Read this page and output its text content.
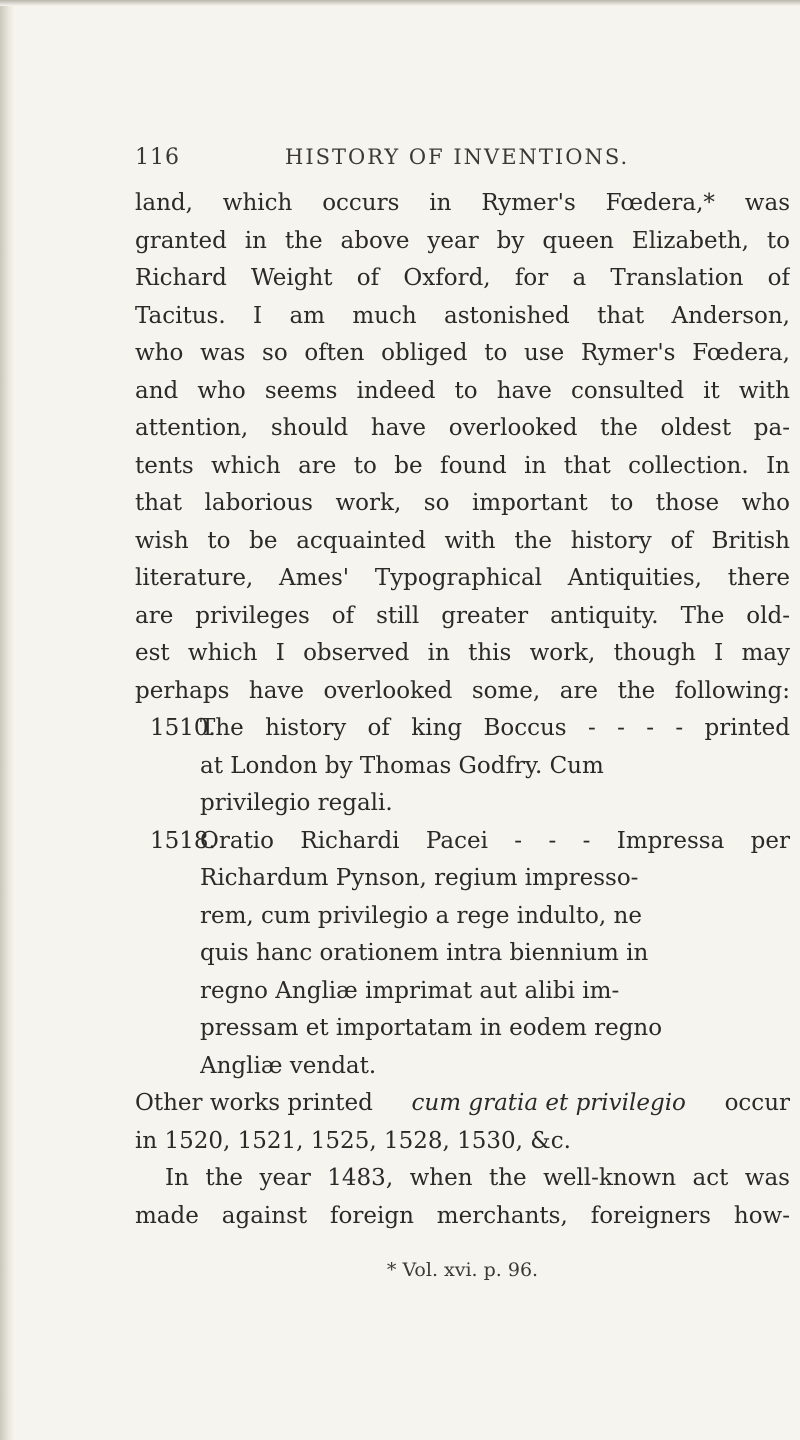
116	HISTORY OF INVENTIONS.
land, which occurs in Rymer's Fœdera,* was
granted in the above year by queen Elizabeth, to
Richard Weight of Oxford, for a Translation of
Tacitus. I am much astonished that Anderson,
who was so often obliged to use Rymer's Fœdera,
and who seems indeed to have consulted it with
attention, should have overlooked the oldest pa-
tents which are to be found in that collection. In
that laborious work, so important to those who
wish to be acquainted with the history of British
literature, Ames' Typographical Antiquities, there
are privileges of still greater antiquity. The old-
est which I observed in this work, though I may
perhaps have overlooked some, are the following:
1510.
The history of king Boccus - - - - printed
at London by Thomas Godfry. Cum
privilegio regali.
1518.
Oratio Richardi Pacei - - - Impressa per
Richardum Pynson, regium impresso-
rem, cum privilegio a rege indulto, ne
quis hanc orationem intra biennium in
regno Angliæ imprimat aut alibi im-
pressam et importatam in eodem regno
Angliæ vendat.
Other works printed cum gratia et privilegio occur
in 1520, 1521, 1525, 1528, 1530, &c.
In the year 1483, when the well-known act was
made against foreign merchants, foreigners how-
* Vol. xvi. p. 96.
